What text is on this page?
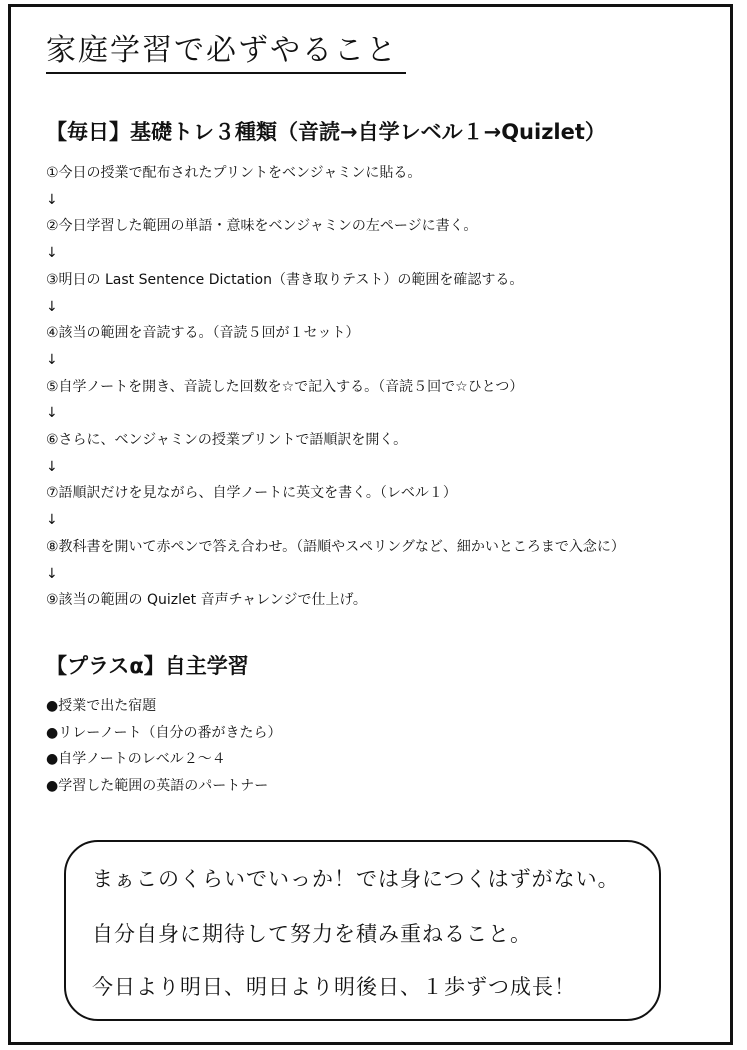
家庭学習で必ずやること
【毎日】基礎トレ３種類（音読→自学レベル１→Quizlet）
①今日の授業で配布されたプリントをベンジャミンに貼る。
↓
②今日学習した範囲の単語・意味をベンジャミンの左ページに書く。
↓
③明日の Last Sentence Dictation（書き取りテスト）の範囲を確認する。
↓
④該当の範囲を音読する。（音読５回が１セット）
↓
⑤自学ノートを開き、音読した回数を☆で記入する。（音読５回で☆ひとつ）
↓
⑥さらに、ベンジャミンの授業プリントで語順訳を開く。
↓
⑦語順訳だけを見ながら、自学ノートに英文を書く。（レベル１）
↓
⑧教科書を開いて赤ペンで答え合わせ。（語順やスペリングなど、細かいところまで入念に）
↓
⑨該当の範囲の Quizlet 音声チャレンジで仕上げ。
【プラスα】自主学習
●授業で出た宿題
●リレーノート（自分の番がきたら）
●自学ノートのレベル２～４
●学習した範囲の英語のパートナー
まぁこのくらいでいっか！では身につくはずがない。
自分自身に期待して努力を積み重ねること。
今日より明日、明日より明後日、１歩ずつ成長！
